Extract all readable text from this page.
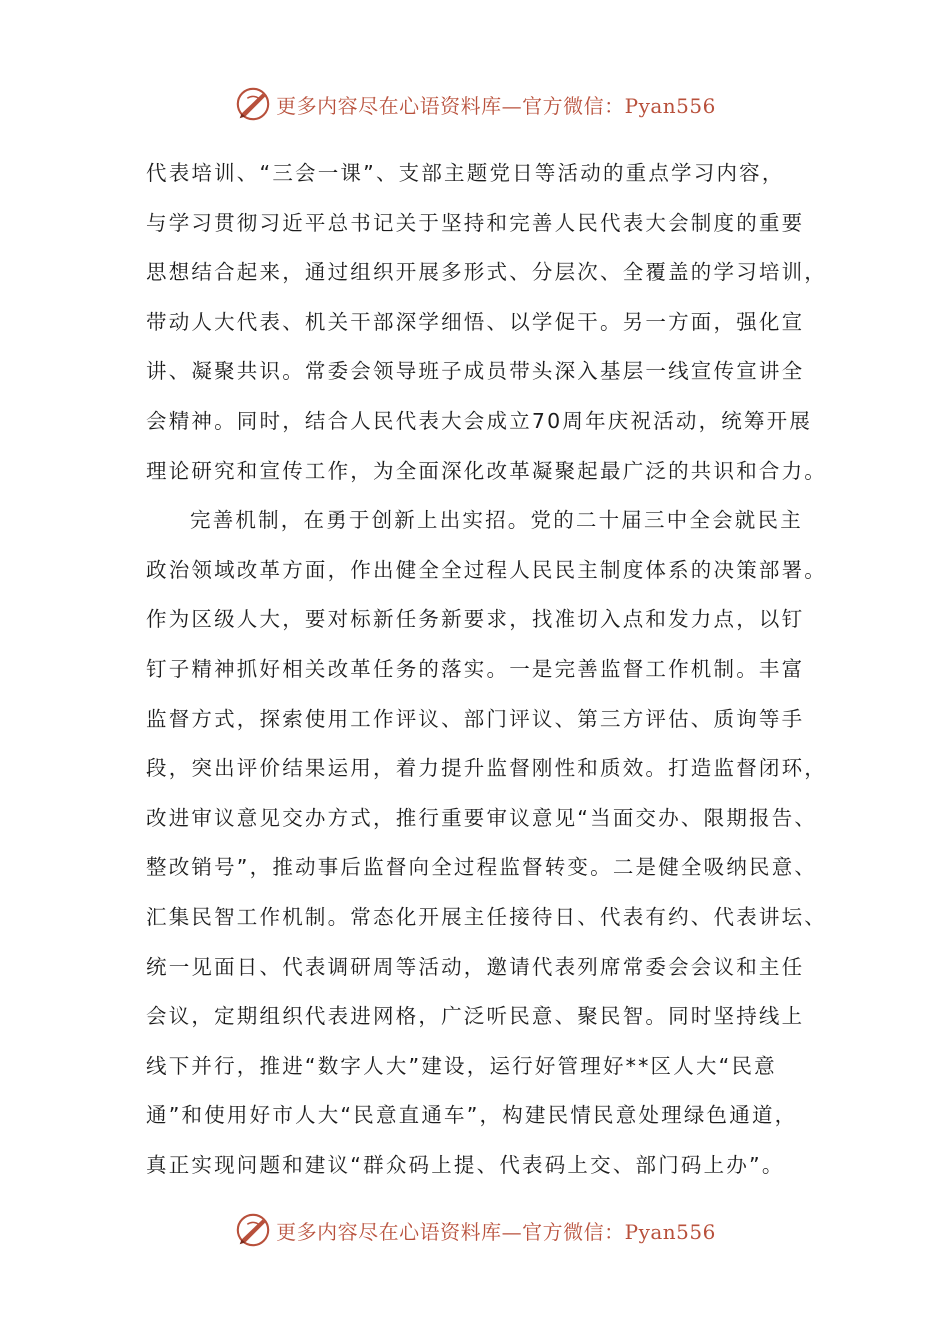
更多内容尽在心语资料库—官方微信：Pyan556
代表培训、“三会一课”、支部主题党日等活动的重点学习内容，
与学习贯彻习近平总书记关于坚持和完善人民代表大会制度的重要
思想结合起来，通过组织开展多形式、分层次、全覆盖的学习培训，
带动人大代表、机关干部深学细悟、以学促干。另一方面，强化宣
讲、凝聚共识。常委会领导班子成员带头深入基层一线宣传宣讲全
会精神。同时，结合人民代表大会成立70周年庆祝活动，统筹开展
理论研究和宣传工作，为全面深化改革凝聚起最广泛的共识和合力。
完善机制，在勇于创新上出实招。党的二十届三中全会就民主
政治领域改革方面，作出健全全过程人民民主制度体系的决策部署。
作为区级人大，要对标新任务新要求，找准切入点和发力点，以钉
钉子精神抓好相关改革任务的落实。一是完善监督工作机制。丰富
监督方式，探索使用工作评议、部门评议、第三方评估、质询等手
段，突出评价结果运用，着力提升监督刚性和质效。打造监督闭环，
改进审议意见交办方式，推行重要审议意见“当面交办、限期报告、
整改销号”，推动事后监督向全过程监督转变。二是健全吸纳民意、
汇集民智工作机制。常态化开展主任接待日、代表有约、代表讲坛、
统一见面日、代表调研周等活动，邀请代表列席常委会会议和主任
会议，定期组织代表进网格，广泛听民意、聚民智。同时坚持线上
线下并行，推进“数字人大”建设，运行好管理好**区人大“民意
通”和使用好市人大“民意直通车”，构建民情民意处理绿色通道，
真正实现问题和建议“群众码上提、代表码上交、部门码上办”。
更多内容尽在心语资料库—官方微信：Pyan556
